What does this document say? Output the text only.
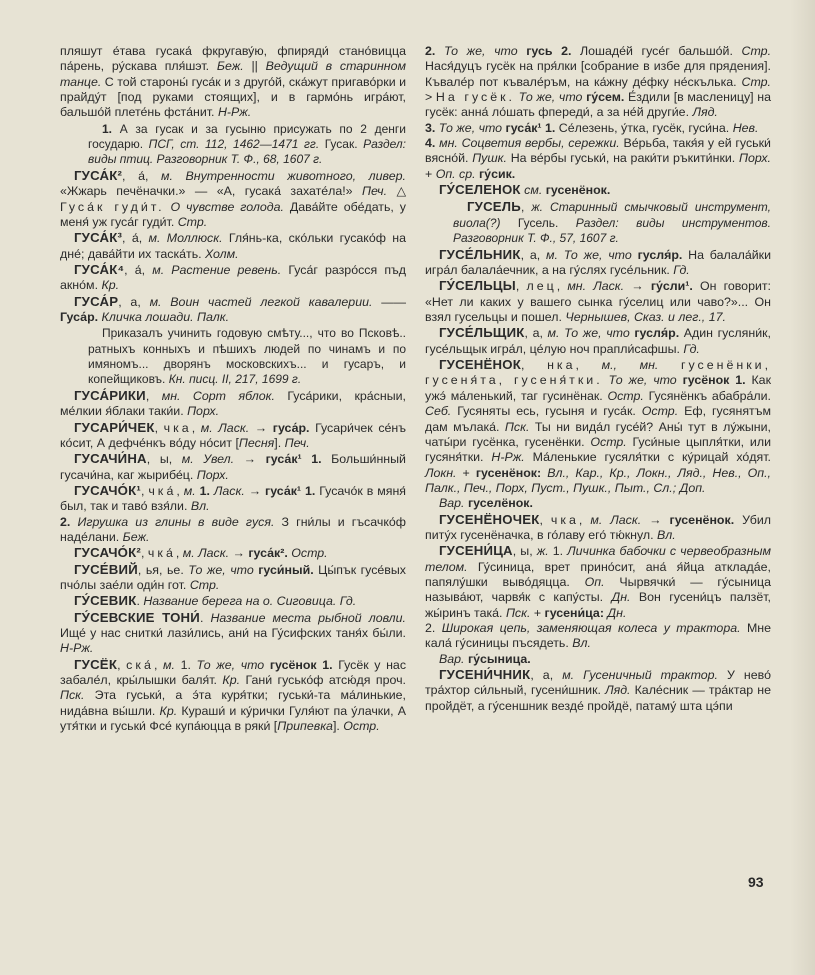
пляшут е́тава гусака́ фкругаву́ю, фпиряди́ стано́вицца па́рень, ру́скава пля́шэт. Беж. || Ведущий в старинном танце. С той староны́ гуса́к и з друго́й, ска́жут пригаво́рки и прайду́т [под руками стоящих], и в гармо́нь игра́ют, бальшо́й плете́нь фста́нит. Н-Рж.
1. А за гусак и за гусыню присужать по 2 денги государю. ПСГ, ст. 112, 1462—1471 гг. Гусак. Раздел: виды птиц. Разговорник Т. Ф., 68, 1607 г.
ГУСА́К², а́, м. Внутренности животного, ливер. «Жжарь печёначки.» — «А, гусака́ захате́ла!» Печ. △ Гуса́к гуди́т. О чувстве голода. Дава́йте обе́дать, у меня́ уж гуса́г гуди́т. Стр.
ГУСА́К³, а́, м. Моллюск. Гля́нь-ка, ско́льки гусако́ф на дне́; дава́йти их таска́ть. Холм.
ГУСА́К⁴, а́, м. Растение ревень. Гуса́г разро́сся пъд акно́м. Кр.
ГУСА́Р, а, м. Воин частей легкой кавалерии. —— Гуса́р. Кличка лошади. Палк.
Приказалъ учинить годовую смѣту..., что во Псковѣ.. ратныхъ конныхъ и пѣшихъ людей по чинамъ и по имяномъ... дворянъ московскихъ... и гусаръ, и копейщиковъ. Кн. писц. II, 217, 1699 г.
ГУСА́РИКИ, мн. Сорт яблок. Гуса́рики, кра́сныи, ме́лкии я́блаки таки́и. Порх.
ГУСАРИ́ЧЕК, чка, м. Ласк. → гуса́р. Гусари́чек се́нъ ко́сит, А дефче́нкъ во́ду но́сит [Песня]. Печ.
ГУСАЧИ́НА, ы, м. Увел. → гуса́к¹ 1. Больши́нный гусачи́на, каг жырибе́ц. Порх.
ГУСАЧО́К¹, чка́, м. 1. Ласк. → гуса́к¹ 1. Гусачо́к в мяня́ был, так и таво́ взя́ли. Вл.
2. Игрушка из глины в виде гуся. З гни́лы и гъсачко́ф наде́лани. Беж.
ГУСАЧО́К², чка́, м. Ласк. → гуса́к². Остр.
ГУСЕ́ВИЙ, ья, ье. То же, что гуси́ный. Цы́пък гусе́вых пчо́лы зае́ли оди́н гот. Стр.
ГУ́СЕВИК. Название берега на о. Сиговица. Гд.
ГУ́СЕВСКИЕ ТОНИ́. Название места рыбной ловли. Ище́ у нас снитки́ лази́лись, ани́ на Гу́сифских таня́х бы́ли. Н-Рж.
ГУСЁК, ска́, м. 1. То же, что гусёнок 1. Гусёк у нас забале́л, кры́лышки баля́т. Кр. Гани́ гусько́ф атсю́дя проч. Пск. Эта гуськи́, а э́та куря́тки; гуськи́-та ма́линькие, нида́вна вы́шли. Кр. Кураши́ и ку́рички Гуля́ют па у́лачки, А утя́тки и гуськи́ Фсе́ купа́юцца в ряки́ [Припевка]. Остр.
2. То же, что гусь 2. Лошаде́й гусе́г бальшо́й. Стр. Нася́дуцъ гусёк на пря́лки [собрание в избе для прядения]. Къвале́р пот къвале́ръм, на ка́жну де́фку не́скълька. Стр. > На гусёк. То же, что гу́сем. Е́здили [в масленицу] на гусёк: анна́ ло́шать фпереди́, а за не́й други́е. Ляд.
3. То же, что гуса́к¹ 1. Се́лезень, у́тка, гусёк, гуси́на. Нев.
4. мн. Соцветия вербы, сережки. Ве́рьба, такя́я у ей гуськи́ вясно́й. Пушк. На ве́рбы гуськи́, на раки́ти ръкити́нки. Порх. + Оп. ср. гу́сик.
ГУ́СЕЛЕНОК см. гусенёнок.
ГУСЕЛЬ, ж. Старинный смычковый инструмент, виола(?) Гусель. Раздел: виды инструментов. Разговорник Т. Ф., 57, 1607 г.
ГУСЕ́ЛЬНИК, а, м. То же, что гусля́р. На балала́йки игра́л балала́ечник, а на гу́слях гусе́льник. Гд.
ГУ́СЕЛЬЦЫ, лец, мн. Ласк. → гу́сли¹. Он говорит: «Нет ли каких у вашего сынка гу́селиц или чаво?»... Он взял гусельцы и пошел. Чернышев, Сказ. и лег., 17.
ГУСЕ́ЛЬЩИК, а, м. То же, что гусля́р. Адин гусляни́к, гусе́льщык игра́л, це́лую ноч прапли́сафшы. Гд.
ГУСЕНЁНОК, нка, м., мн. гусенёнки, гусеня́та, гусеня́тки. То же, что гусёнок 1. Как ужэ́ ма́ленький, таг гусинёнак. Остр. Гусянёнкъ абабра́ли. Себ. Гусяняты есь, гусыня и гуса́к. Остр. Еф, гусянятъм дам мълака́. Пск. Ты ни вида́л гусе́й? Аны́ тут в лу́жыни, чаты́ри гусёнка, гусенёнки. Остр. Гуси́ные цыпля́тки, или гусяня́тки. Н-Рж. Ма́ленькие гусяля́тки с ку́рицай хо́дят. Локн. + гусенёнок: Вл., Кар., Кр., Локн., Ляд., Нев., Оп., Палк., Печ., Порх, Пуст., Пушк., Пыт., Сл.; Доп.
Вар. гуселёнок.
ГУСЕНЁНОЧЕК, чка, м. Ласк. → гусенёнок. Убил питу́х гусенёначка, в го́лаву его́ тю́кнул. Вл.
ГУСЕНИ́ЦА, ы, ж. 1. Личинка бабочки с червеобразным телом. Гу́синица, врет прино́сит, ана́ я́йца аткладáе, папялу́шки выво́дяцца. Оп. Чырвячки́ — гу́сыница называ́ют, чарвя́к с капу́сты. Дн. Вон гусени́цъ палзёт, жы́ринъ така́. Пск. + гусени́ца: Дн.
2. Широкая цепь, заменяющая колеса у трактора. Мне кала́ гу́синицы пъсядеть. Вл.
Вар. гу́сыница.
ГУСЕНИ́ЧНИК, а, м. Гусеничный трактор. У нево́ тра́хтор си́льный, гусени́шник. Ляд. Кале́сник — тра́ктар не пройдёт, а гу́сеншник везде́ пройдё, патаму́ шта цэ́пи
93
